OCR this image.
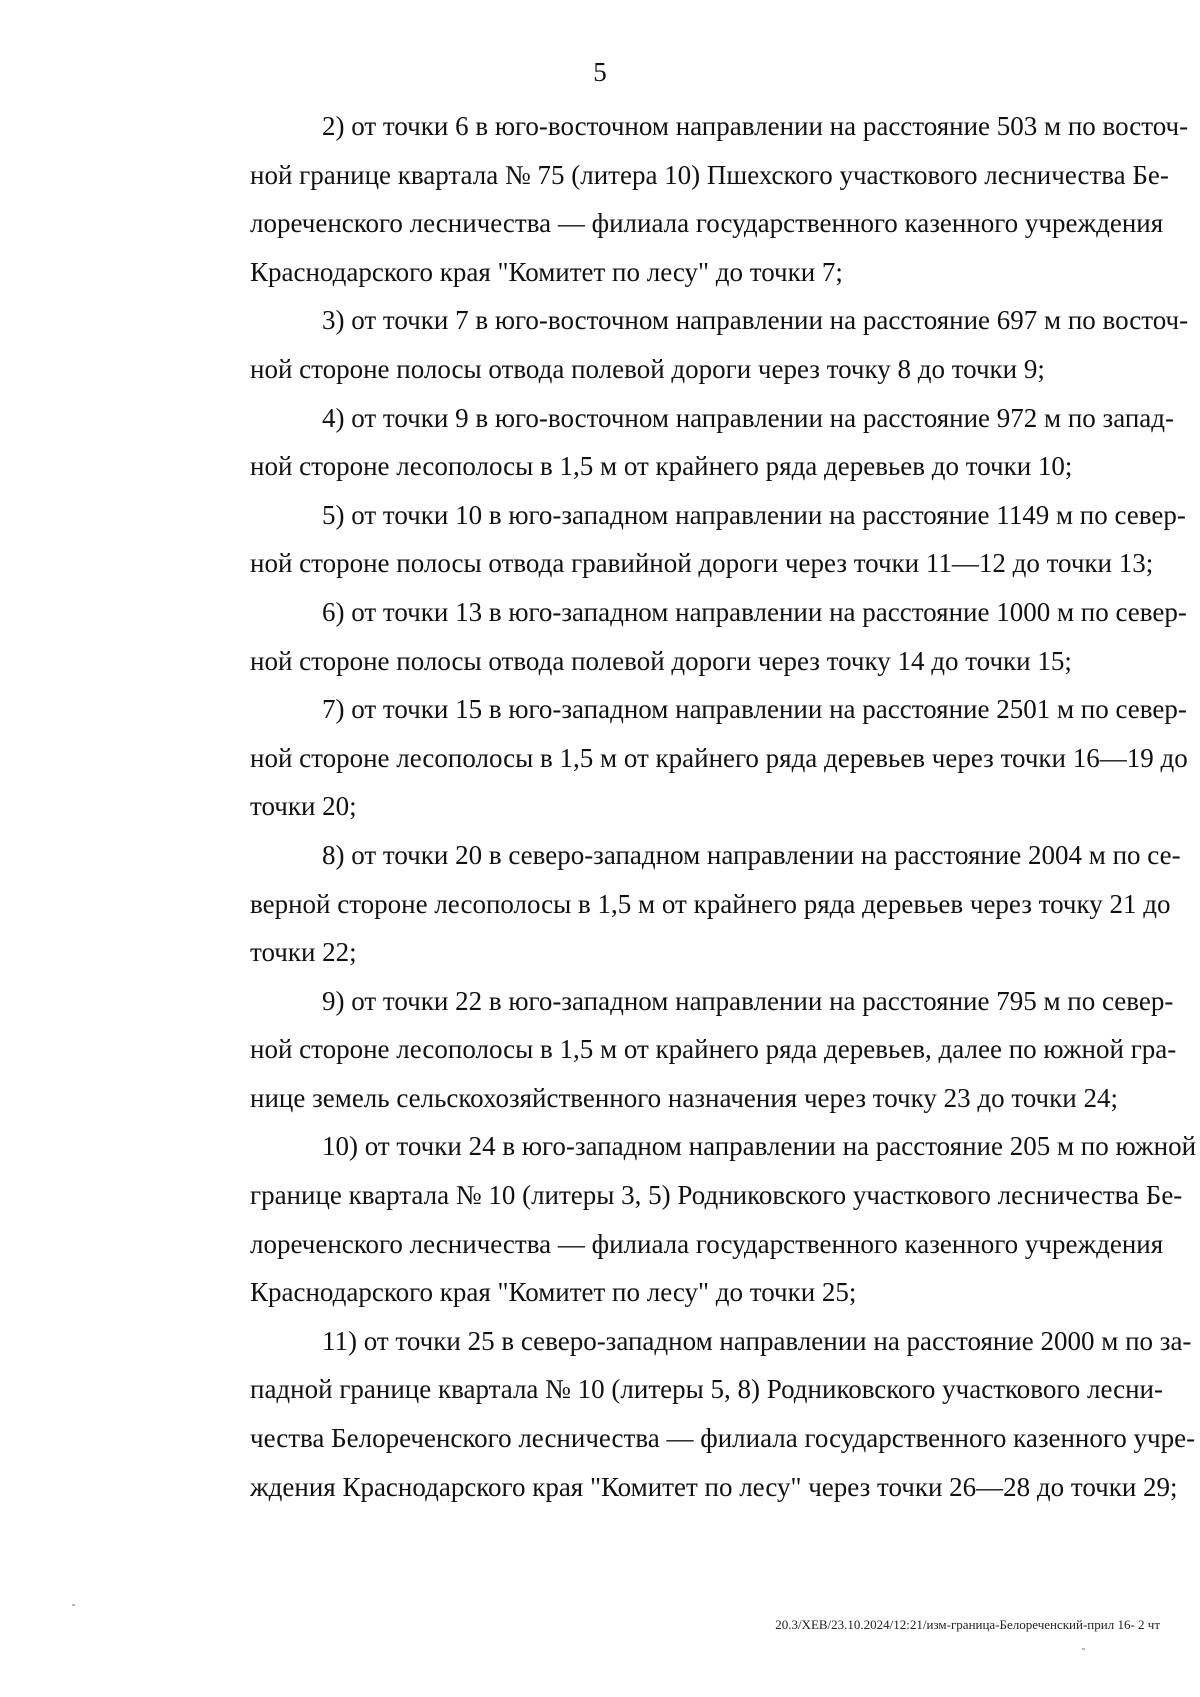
5
2) от точки 6 в юго-восточном направлении на расстояние 503 м по восточ-
ной границе квартала № 75 (литера 10) Пшехского участкового лесничества Бе-
лореченского лесничества — филиала государственного казенного учреждения
Краснодарского края "Комитет по лесу" до точки 7;
3) от точки 7 в юго-восточном направлении на расстояние 697 м по восточ-
ной стороне полосы отвода полевой дороги через точку 8 до точки 9;
4) от точки 9 в юго-восточном направлении на расстояние 972 м по запад-
ной стороне лесополосы в 1,5 м от крайнего ряда деревьев до точки 10;
5) от точки 10 в юго-западном направлении на расстояние 1149 м по север-
ной стороне полосы отвода гравийной дороги через точки 11—12 до точки 13;
6) от точки 13 в юго-западном направлении на расстояние 1000 м по север-
ной стороне полосы отвода полевой дороги через точку 14 до точки 15;
7) от точки 15 в юго-западном направлении на расстояние 2501 м по север-
ной стороне лесополосы в 1,5 м от крайнего ряда деревьев через точки 16—19 до
точки 20;
8) от точки 20 в северо-западном направлении на расстояние 2004 м по се-
верной стороне лесополосы в 1,5 м от крайнего ряда деревьев через точку 21 до
точки 22;
9) от точки 22 в юго-западном направлении на расстояние 795 м по север-
ной стороне лесополосы в 1,5 м от крайнего ряда деревьев, далее по южной гра-
нице земель сельскохозяйственного назначения через точку 23 до точки 24;
10) от точки 24 в юго-западном направлении на расстояние 205 м по южной
границе квартала № 10 (литеры 3, 5) Родниковского участкового лесничества Бе-
лореченского лесничества — филиала государственного казенного учреждения
Краснодарского края "Комитет по лесу" до точки 25;
11) от точки 25 в северо-западном направлении на расстояние 2000 м по за-
падной границе квартала № 10 (литеры 5, 8) Родниковского участкового лесни-
чества Белореченского лесничества — филиала государственного казенного учре-
ждения Краснодарского края "Комитет по лесу" через точки 26—28 до точки 29;
20.3/ХЕВ/23.10.2024/12:21/изм-граница-Белореченский-прил 16- 2 чт
